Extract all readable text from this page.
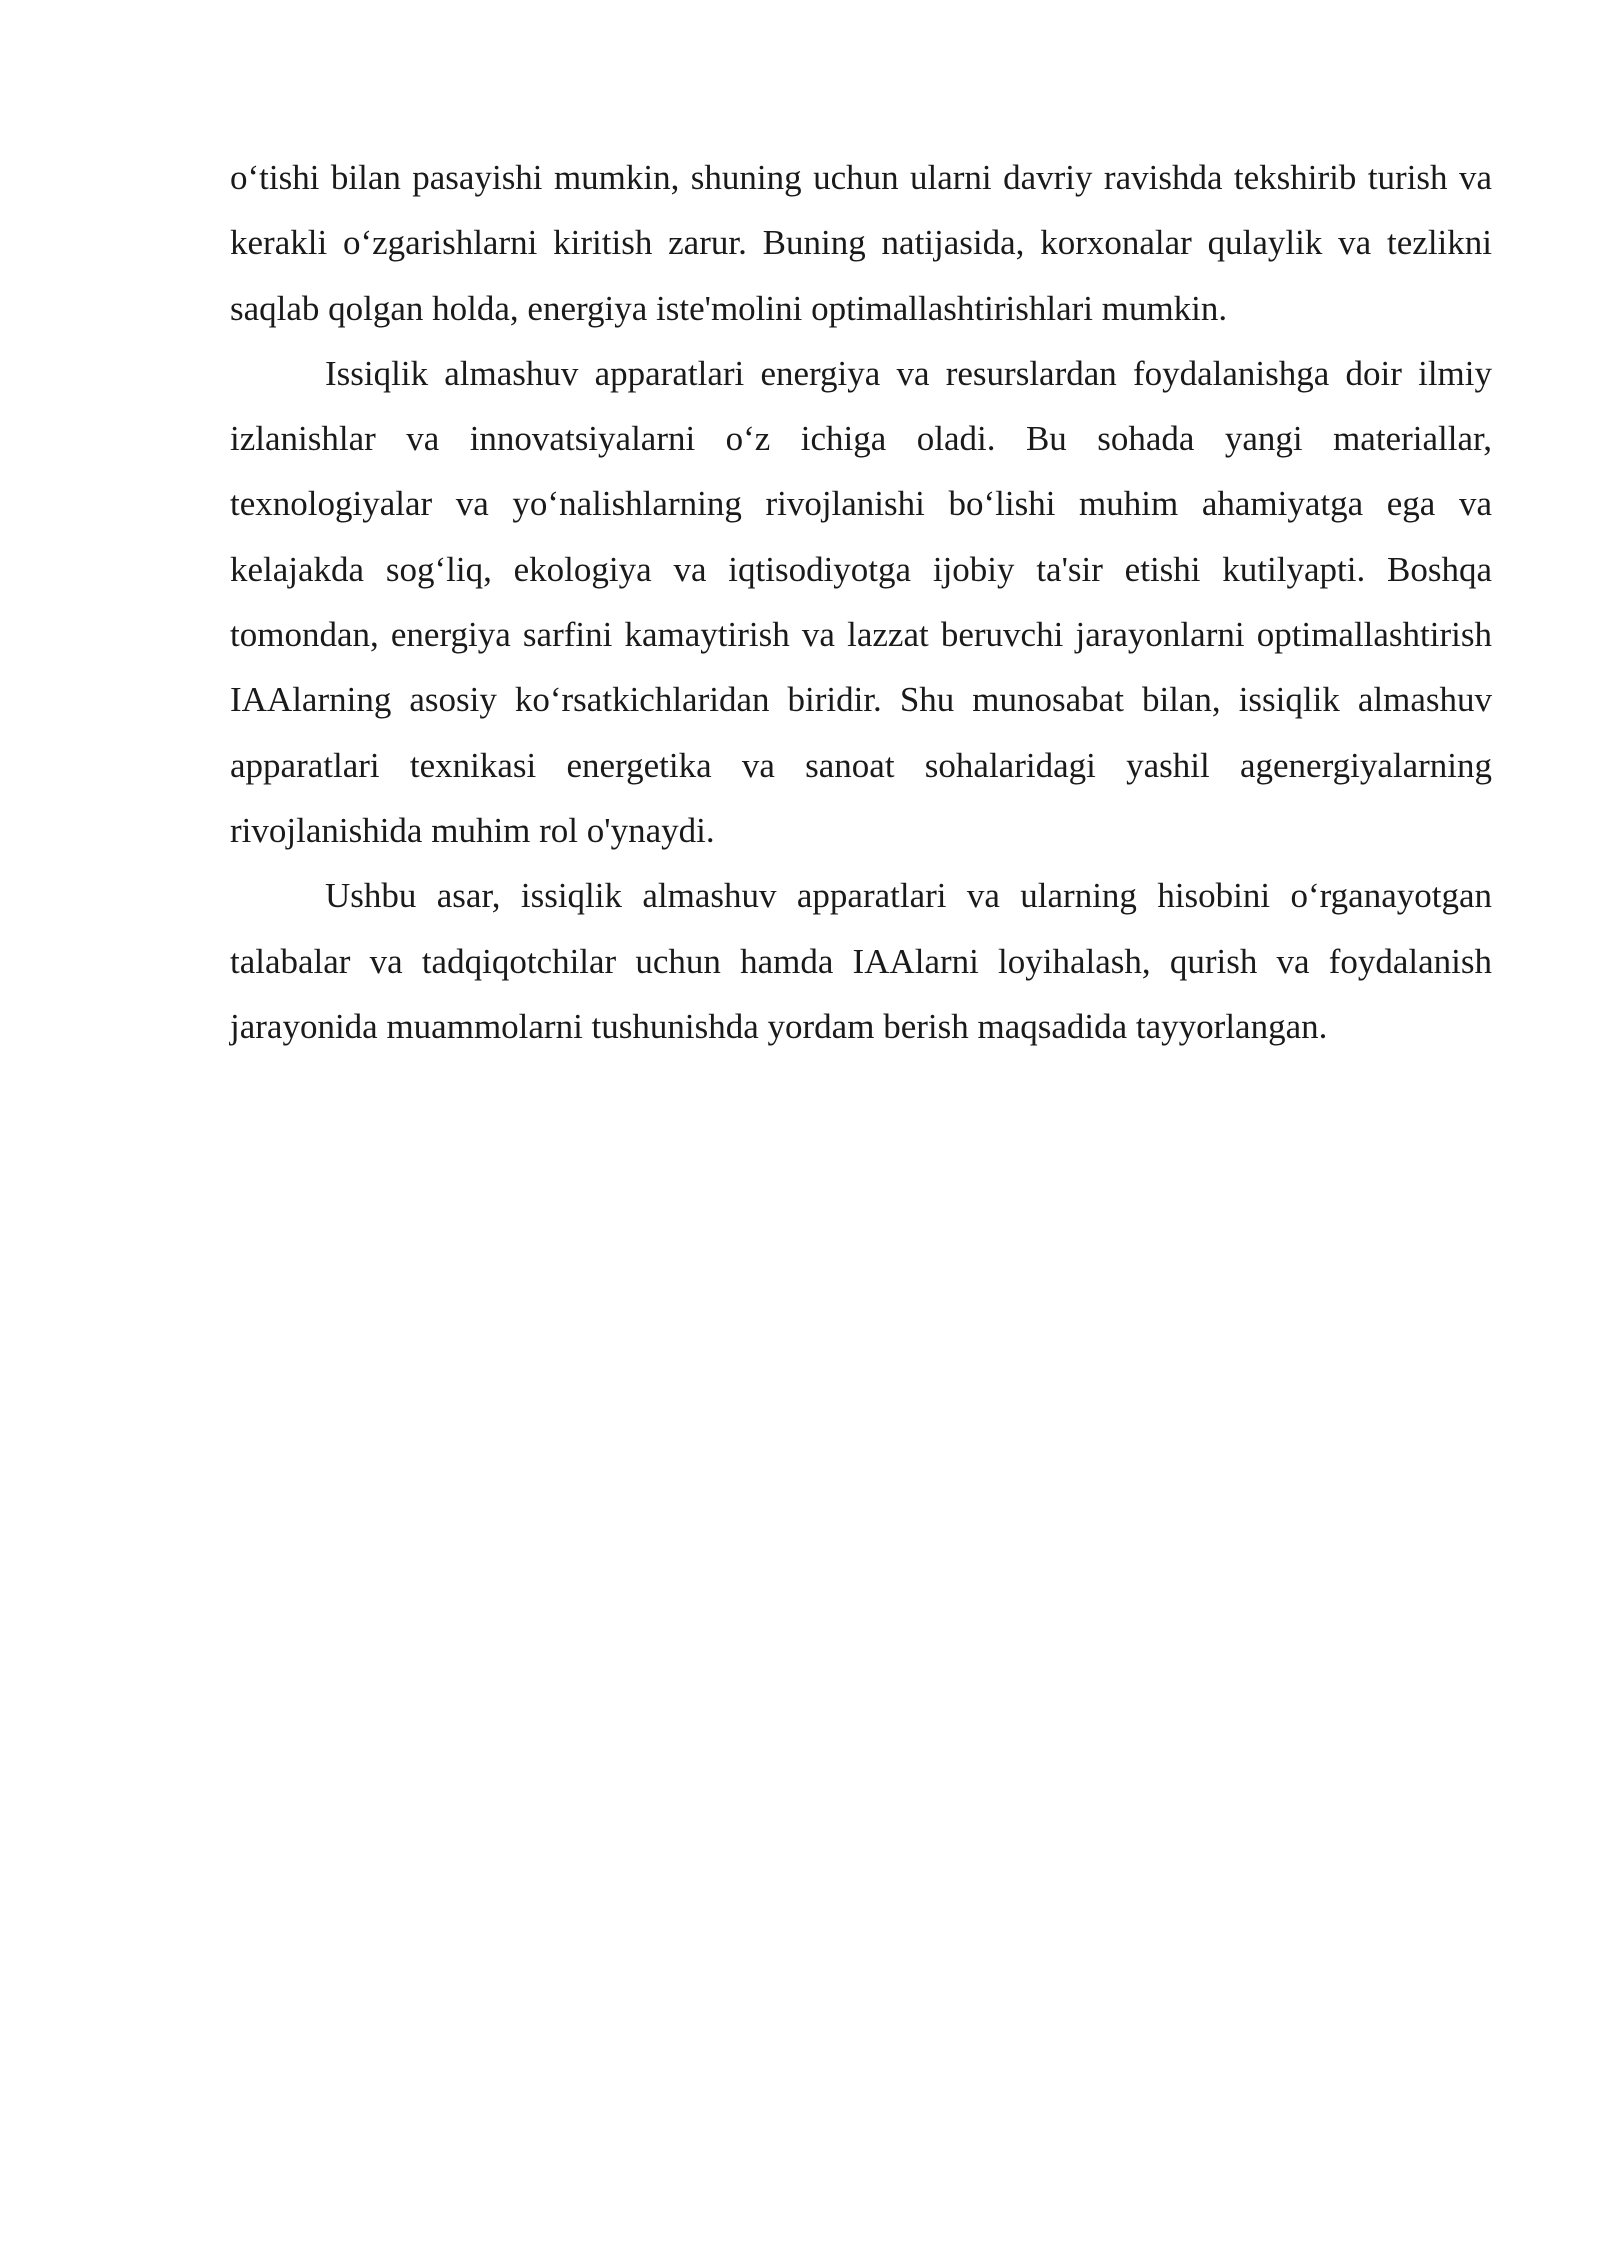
o‘tishi bilan pasayishi mumkin, shuning uchun ularni davriy ravishda tekshirib turish va kerakli o‘zgarishlarni kiritish zarur. Buning natijasida, korxonalar qulaylik va tezlikni saqlab qolgan holda, energiya iste'molini optimallashtirishlari mumkin.

Issiqlik almashuv apparatlari energiya va resurslardan foydalanishga doir ilmiy izlanishlar va innovatsiyalarni o‘z ichiga oladi. Bu sohada yangi materiallar, texnologiyalar va yo‘nalishlarning rivojlanishi bo‘lishi muhim ahamiyatga ega va kelajakda sog‘liq, ekologiya va iqtisodiyotga ijobiy ta'sir etishi kutilyapti. Boshqa tomondan, energiya sarfini kamaytirish va lazzat beruvchi jarayonlarni optimallashtirish IAAlarning asosiy ko‘rsatkichlaridan biridir. Shu munosabat bilan, issiqlik almashuv apparatlari texnikasi energetika va sanoat sohalaridagi yashil agenergiyalarning rivojlanishida muhim rol o'ynaydi.

Ushbu asar, issiqlik almashuv apparatlari va ularning hisobini o‘rganayotgan talabalar va tadqiqotchilar uchun hamda IAAlarni loyihalash, qurish va foydalanish jarayonida muammolarni tushunishda yordam berish maqsadida tayyorlangan.
